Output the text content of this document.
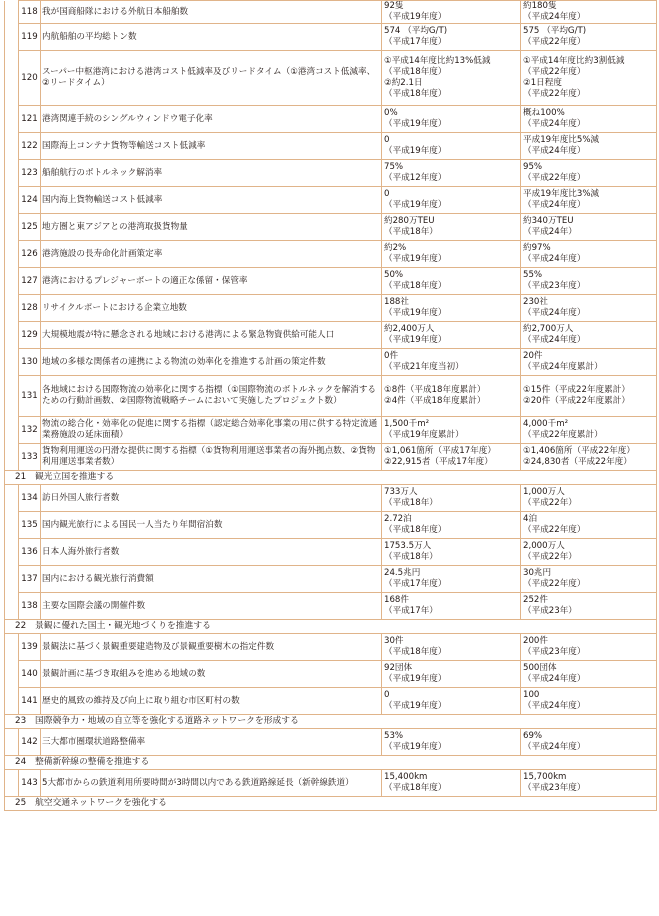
	118	我が国商船隊における外航日本船舶数	92隻
（平成19年度）	約180隻
（平成24年度）

	119	内航船舶の平均総トン数	574 （平均G/T)
（平成17年度）	575 （平均G/T)
（平成22年度）

	120	スーパー中枢港湾における港湾コスト低減率及びリードタイム（①港湾コスト低減率、②リードタイム）	①平成14年度比約13%低減
（平成18年度）
②約2.1日
（平成18年度）	①平成14年度比約3割低減
（平成22年度）
②1日程度
（平成22年度）

	121	港湾関連手続のシングルウィンドウ電子化率	0%
（平成19年度）	概ね100%
（平成24年度）

	122	国際海上コンテナ貨物等輸送コスト低減率	0
（平成19年度）	平成19年度比5%減
（平成24年度）

	123	船舶航行のボトルネック解消率	75%
（平成12年度）	95%
（平成22年度）

	124	国内海上貨物輸送コスト低減率	0
（平成19年度）	平成19年度比3%減
（平成24年度）

	125	地方圏と東アジアとの港湾取扱貨物量	約280万TEU
（平成18年）	約340万TEU
（平成24年）

	126	港湾施設の長寿命化計画策定率	約2%
（平成19年度）	約97%
（平成24年度）

	127	港湾におけるプレジャーボートの適正な係留・保管率	50%
（平成18年度）	55%
（平成23年度）

	128	リサイクルポートにおける企業立地数	188社
（平成19年度）	230社
（平成24年度）

	129	大規模地震が特に懸念される地域における港湾による緊急物資供給可能人口	約2,400万人
（平成19年度）	約2,700万人
（平成24年度）

	130	地域の多様な関係者の連携による物流の効率化を推進する計画の策定件数	0件
（平成21年度当初）	20件
（平成24年度累計）

	131	各地域における国際物流の効率化に関する指標（①国際物流のボトルネックを解消するための行動計画数、②国際物流戦略チームにおいて実施したプロジェクト数）	①8件（平成18年度累計）
②4件（平成18年度累計）	①15件（平成22年度累計）
②20件（平成22年度累計）

	132	物流の総合化・効率化の促進に関する指標（認定総合効率化事業の用に供する特定流通業務施設の延床面積）	1,500千m²
（平成19年度累計）	4,000千m²
（平成22年度累計）

	133	貨物利用運送の円滑な提供に関する指標（①貨物利用運送事業者の海外拠点数、②貨物利用運送事業者数）	①1,061箇所（平成17年度）
②22,915者（平成17年度）	①1,406箇所（平成22年度）
②24,830者（平成22年度）

21　観光立国を推進する				
	134	訪日外国人旅行者数	733万人
（平成18年）	1,000万人
（平成22年）

	135	国内観光旅行による国民一人当たり年間宿泊数	2.72泊
（平成18年度）	4泊
（平成22年度）

	136	日本人海外旅行者数	1753.5万人
（平成18年）	2,000万人
（平成22年）

	137	国内における観光旅行消費額	24.5兆円
（平成17年度）	30兆円
（平成22年度）

	138	主要な国際会議の開催件数	168件
（平成17年）	252件
（平成23年）

22　景観に優れた国土・観光地づくりを推進する				
	139	景観法に基づく景観重要建造物及び景観重要樹木の指定件数	30件
（平成18年度）	200件
（平成23年度）

	140	景観計画に基づき取組みを進める地域の数	92団体
（平成19年度）	500団体
（平成24年度）

	141	歴史的風致の維持及び向上に取り組む市区町村の数	0
（平成19年度）	100
（平成24年度）

23　国際競争力・地域の自立等を強化する道路ネットワークを形成する				
	142	三大都市圏環状道路整備率	53%
（平成19年度）	69%
（平成24年度）

24　整備新幹線の整備を推進する				
	143	5大都市からの鉄道利用所要時間が3時間以内である鉄道路線延長（新幹線鉄道）	15,400km
（平成18年度）	15,700km
（平成23年度）

25　航空交通ネットワークを強化する				
